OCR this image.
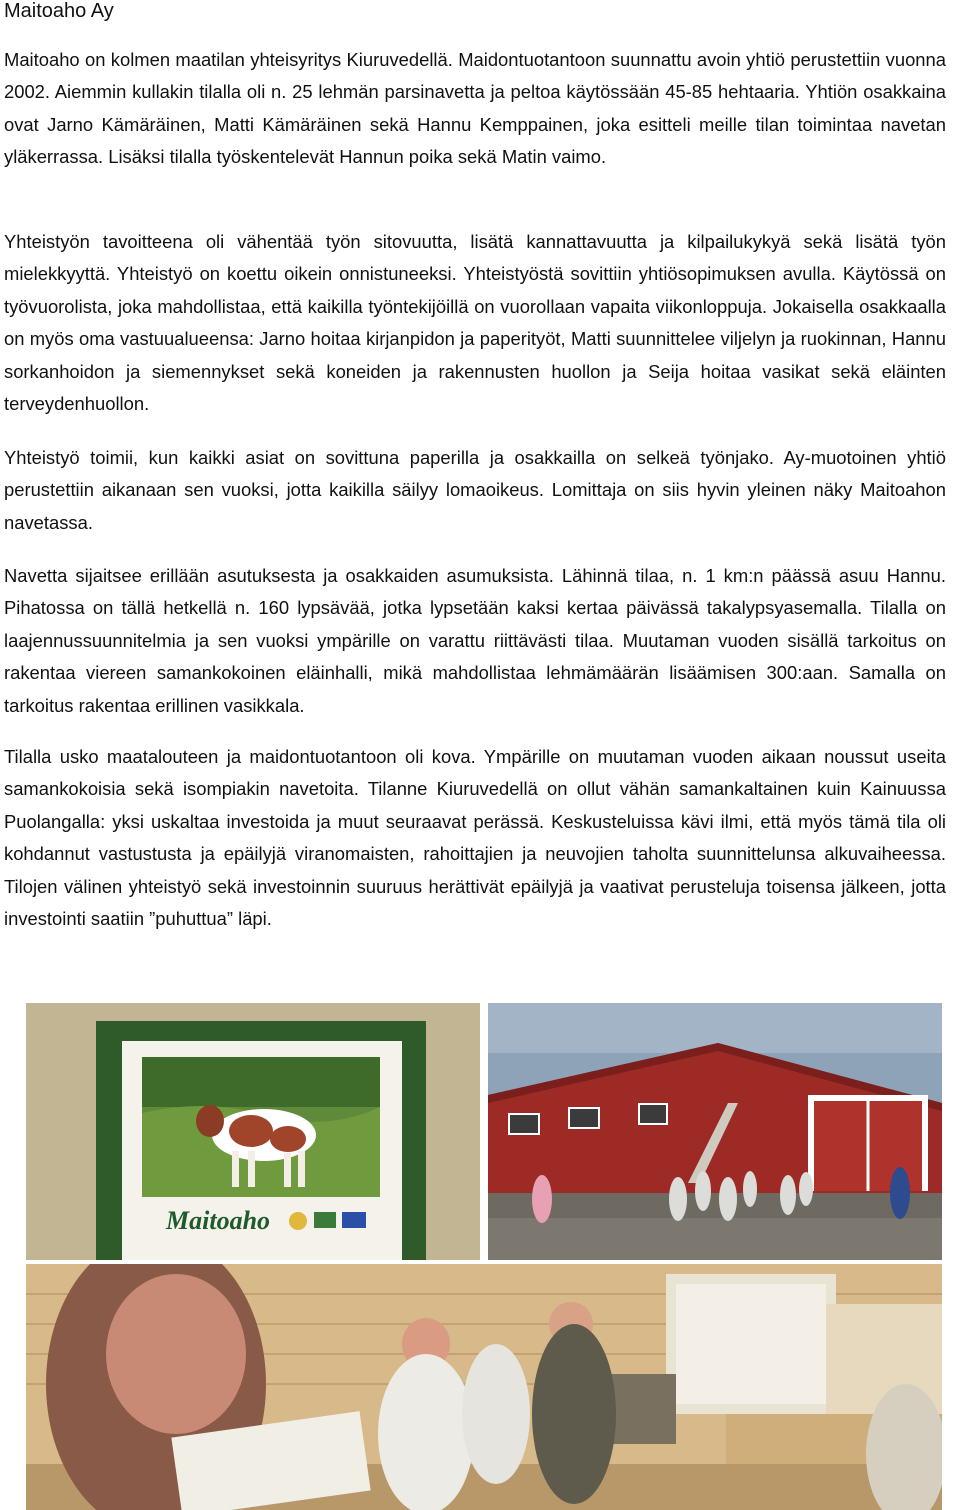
Maitoaho Ay

Maitoaho on kolmen maatilan yhteisyritys Kiuruvedellä. Maidontuotantoon suunnattu avoin yhtiö perustettiin vuonna 2002. Aiemmin kullakin tilalla oli n. 25 lehmän parsinavetta ja peltoa käytössään 45-85 hehtaaria. Yhtiön osakkaina ovat Jarno Kämäräinen, Matti Kämäräinen sekä Hannu Kemppainen, joka esitteli meille tilan toimintaa navetan yläkerrassa. Lisäksi tilalla työskentelevät Hannun poika sekä Matin vaimo.

Yhteistyön tavoitteena oli vähentää työn sitovuutta, lisätä kannattavuutta ja kilpailukykyä sekä lisätä työn mielekkyyttä. Yhteistyö on koettu oikein onnistuneeksi. Yhteistyöstä sovittiin yhtiösopimuksen avulla. Käytössä on työvuorolista, joka mahdollistaa, että kaikilla työntekijöillä on vuorollaan vapaita viikonloppuja. Jokaisella osakkaalla on myös oma vastuualueensa: Jarno hoitaa kirjanpidon ja paperityöt, Matti suunnittelee viljelyn ja ruokinnan, Hannu sorkanhoidon ja siemennykset sekä koneiden ja rakennusten huollon ja Seija hoitaa vasikat sekä eläinten terveydenhuollon.

Yhteistyö toimii, kun kaikki asiat on sovittuna paperilla ja osakkailla on selkeä työnjako. Ay-muotoinen yhtiö perustettiin aikanaan sen vuoksi, jotta kaikilla säilyy lomaoikeus. Lomittaja on siis hyvin yleinen näky Maitoahon navetassa.

Navetta sijaitsee erillään asutuksesta ja osakkaiden asumuksista. Lähinnä tilaa, n. 1 km:n päässä asuu Hannu. Pihatossa on tällä hetkellä n. 160 lypsävää, jotka lypsetään kaksi kertaa päivässä takalypsyasemalla. Tilalla on laajennussuunnitelmia ja sen vuoksi ympärille on varattu riittävästi tilaa. Muutaman vuoden sisällä tarkoitus on rakentaa viereen samankokoinen eläinhalli, mikä mahdollistaa lehmämäärän lisäämisen 300:aan. Samalla on tarkoitus rakentaa erillinen vasikkala.

Tilalla usko maatalouteen ja maidontuotantoon oli kova. Ympärille on muutaman vuoden aikaan noussut useita samankokoisia sekä isompiakin navetoita. Tilanne Kiuruvedellä on ollut vähän samankaltainen kuin Kainuussa Puolangalla: yksi uskaltaa investoida ja muut seuraavat perässä. Keskusteluissa kävi ilmi, että myös tämä tila oli kohdannut vastustusta ja epäilyjä viranomaisten, rahoittajien ja neuvojien taholta suunnittelunsa alkuvaiheessa. Tilojen välinen yhteistyö sekä investoinnin suuruus herättivät epäilyjä ja vaativat perusteluja toisensa jälkeen, jotta investointi saatiin ”puhuttua” läpi.

Maitoaho
